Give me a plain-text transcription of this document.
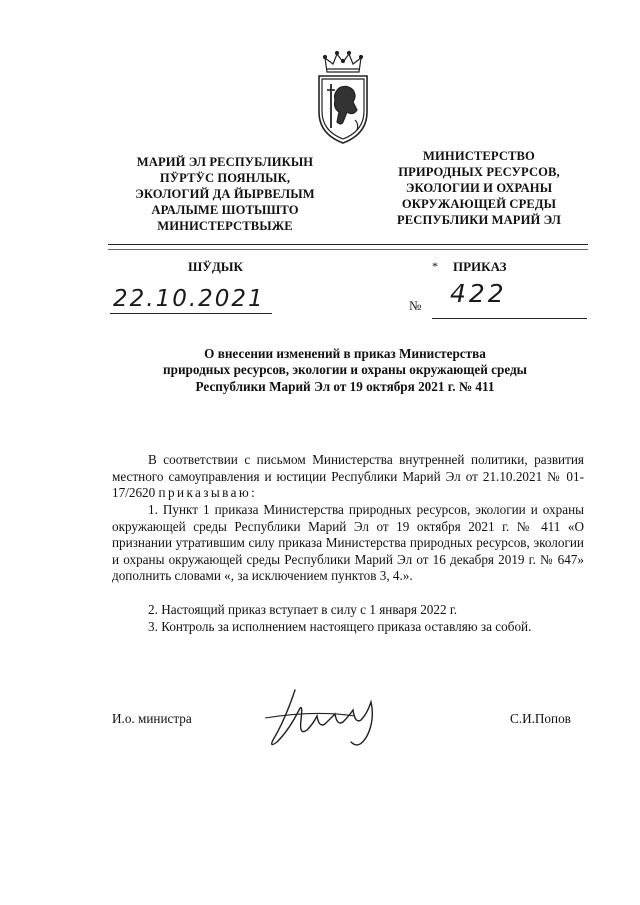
МАРИЙ ЭЛ РЕСПУБЛИКЫН
ПӰРТӰС ПОЯНЛЫК,
ЭКОЛОГИЙ ДА ЙЫРВЕЛЫМ
АРАЛЫМЕ ШОТЫШТО
МИНИСТЕРСТВЫЖЕ
МИНИСТЕРСТВО
ПРИРОДНЫХ РЕСУРСОВ,
ЭКОЛОГИИ И ОХРАНЫ
ОКРУЖАЮЩЕЙ СРЕДЫ
РЕСПУБЛИКИ МАРИЙ ЭЛ
ШӰДЫК	* ПРИКАЗ
22.10.2021	№ 422
О внесении изменений в приказ Министерства
природных ресурсов, экологии и охраны окружающей среды
Республики Марий Эл от 19 октября 2021 г. № 411
В соответствии с письмом Министерства внутренней политики, развития местного самоуправления и юстиции Республики Марий Эл от 21.10.2021 № 01-17/2620 приказываю:
1. Пункт 1 приказа Министерства природных ресурсов, экологии и охраны окружающей среды Республики Марий Эл от 19 октября 2021 г. № 411 «О признании утратившим силу приказа Министерства природных ресурсов, экологии и охраны окружающей среды Республики Марий Эл от 16 декабря 2019 г. № 647» дополнить словами «, за исключением пунктов 3, 4.».
2. Настоящий приказ вступает в силу с 1 января 2022 г.
3. Контроль за исполнением настоящего приказа оставляю за собой.
И.о. министра	С.И.Попов
